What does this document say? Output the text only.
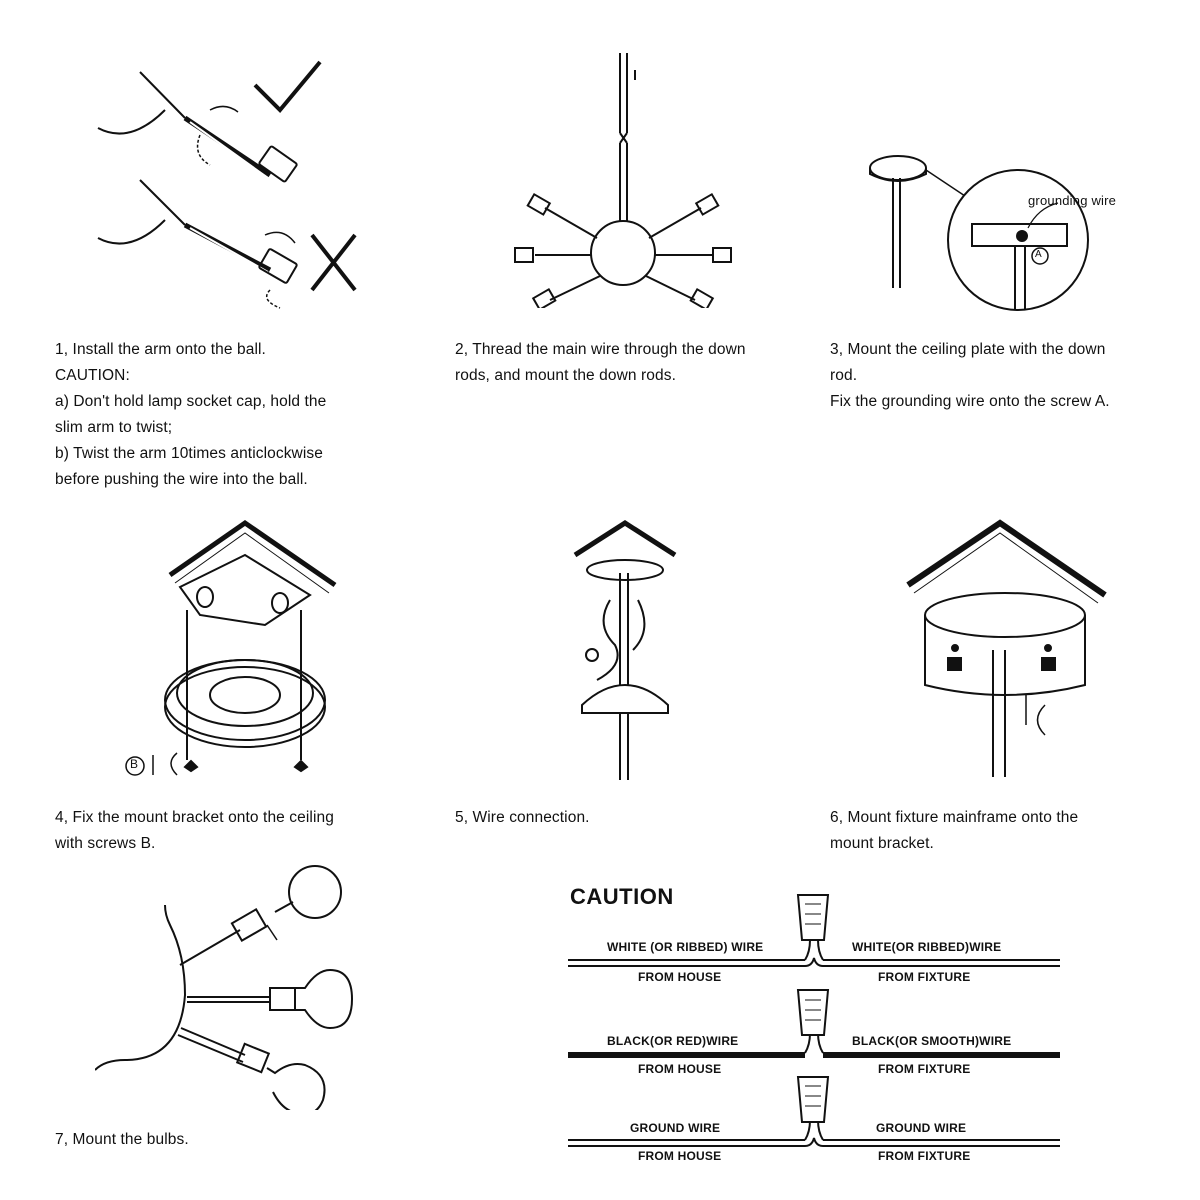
grounding wire
A
B
1, Install the arm onto the ball.
CAUTION:
a) Don't hold lamp socket cap, hold the
slim arm to twist;
b) Twist the arm 10times anticlockwise
before pushing the wire into the ball.
2, Thread the main wire through the down
rods, and mount the down rods.
3, Mount the ceiling plate with the down
rod.
Fix the grounding wire onto the screw A.
4, Fix the mount bracket onto the ceiling
with screws B.
5, Wire connection.	6, Mount fixture mainframe onto the
mount bracket.
7, Mount the bulbs.
CAUTION
WHITE (OR RIBBED) WIRE	WHITE(OR RIBBED)WIRE
FROM HOUSE	FROM FIXTURE
BLACK(OR RED)WIRE	BLACK(OR SMOOTH)WIRE
FROM HOUSE	FROM FIXTURE
GROUND WIRE	GROUND WIRE
FROM HOUSE	FROM FIXTURE
